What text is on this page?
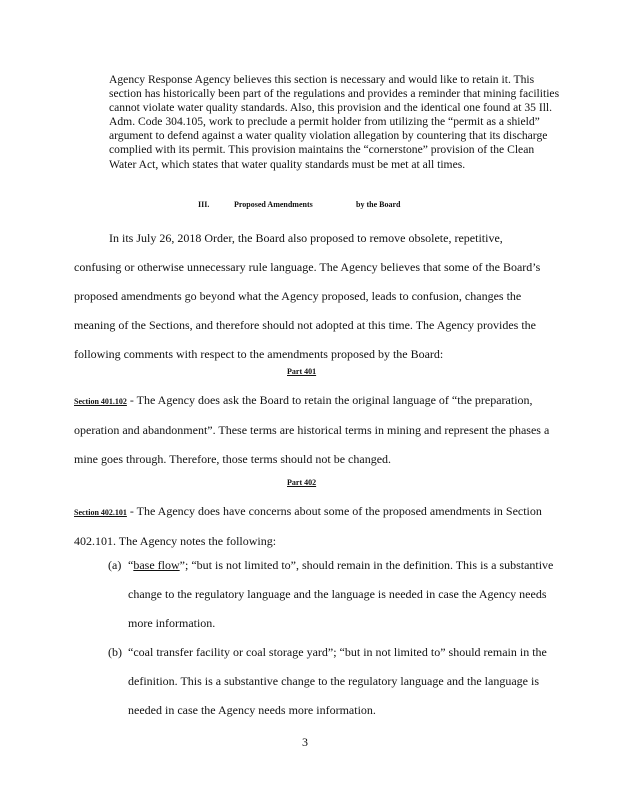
Agency Response Agency believes this section is necessary and would like to retain it. This section has historically been part of the regulations and provides a reminder that mining facilities cannot violate water quality standards. Also, this provision and the identical one found at 35 Ill. Adm. Code 304.105, work to preclude a permit holder from utilizing the “permit as a shield” argument to defend against a water quality violation allegation by countering that its discharge complied with its permit. This provision maintains the “cornerstone” provision of the Clean Water Act, which states that water quality standards must be met at all times.

III.	Proposed Amendments	by the Board

In its July 26, 2018 Order, the Board also proposed to remove obsolete, repetitive, confusing or otherwise unnecessary rule language. The Agency believes that some of the Board’s proposed amendments go beyond what the Agency proposed, leads to confusion, changes the meaning of the Sections, and therefore should not adopted at this time. The Agency provides the following comments with respect to the amendments proposed by the Board:

Part 401

Section 401.102 - The Agency does ask the Board to retain the original language of “the preparation, operation and abandonment”. These terms are historical terms in mining and represent the phases a mine goes through. Therefore, those terms should not be changed.

Part 402

Section 402.101 - The Agency does have concerns about some of the proposed amendments in Section 402.101. The Agency notes the following:

(a) “base flow”; “but is not limited to”, should remain in the definition. This is a substantive change to the regulatory language and the language is needed in case the Agency needs more information.
(b) “coal transfer facility or coal storage yard”; “but in not limited to” should remain in the definition. This is a substantive change to the regulatory language and the language is needed in case the Agency needs more information.
3
